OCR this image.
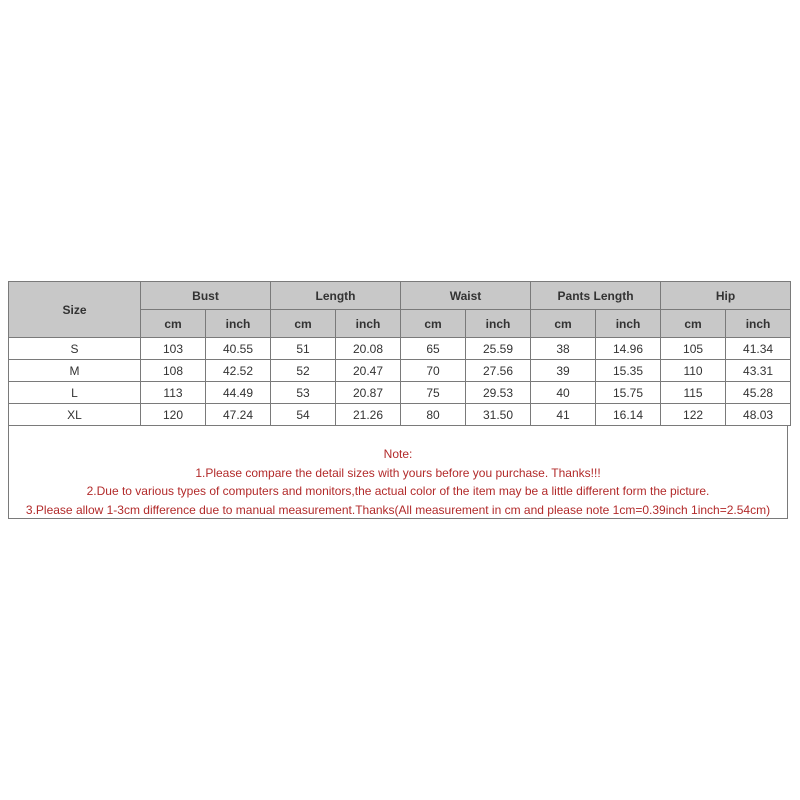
Size	Bust		Length		Waist		Pants Length		Hip	
	cm	inch	cm	inch	cm	inch	cm	inch	cm	inch
S	103	40.55	51	20.08	65	25.59	38	14.96	105	41.34
M	108	42.52	52	20.47	70	27.56	39	15.35	110	43.31
L	113	44.49	53	20.87	75	29.53	40	15.75	115	45.28
XL	120	47.24	54	21.26	80	31.50	41	16.14	122	48.03
Note:
1.Please compare the detail sizes with yours before you purchase. Thanks!!!
2.Due to various types of computers and monitors,the actual color of the item may be a little different form the picture.
3.Please allow 1-3cm difference due to manual measurement.Thanks(All measurement in cm and please note 1cm=0.39inch 1inch=2.54cm)
